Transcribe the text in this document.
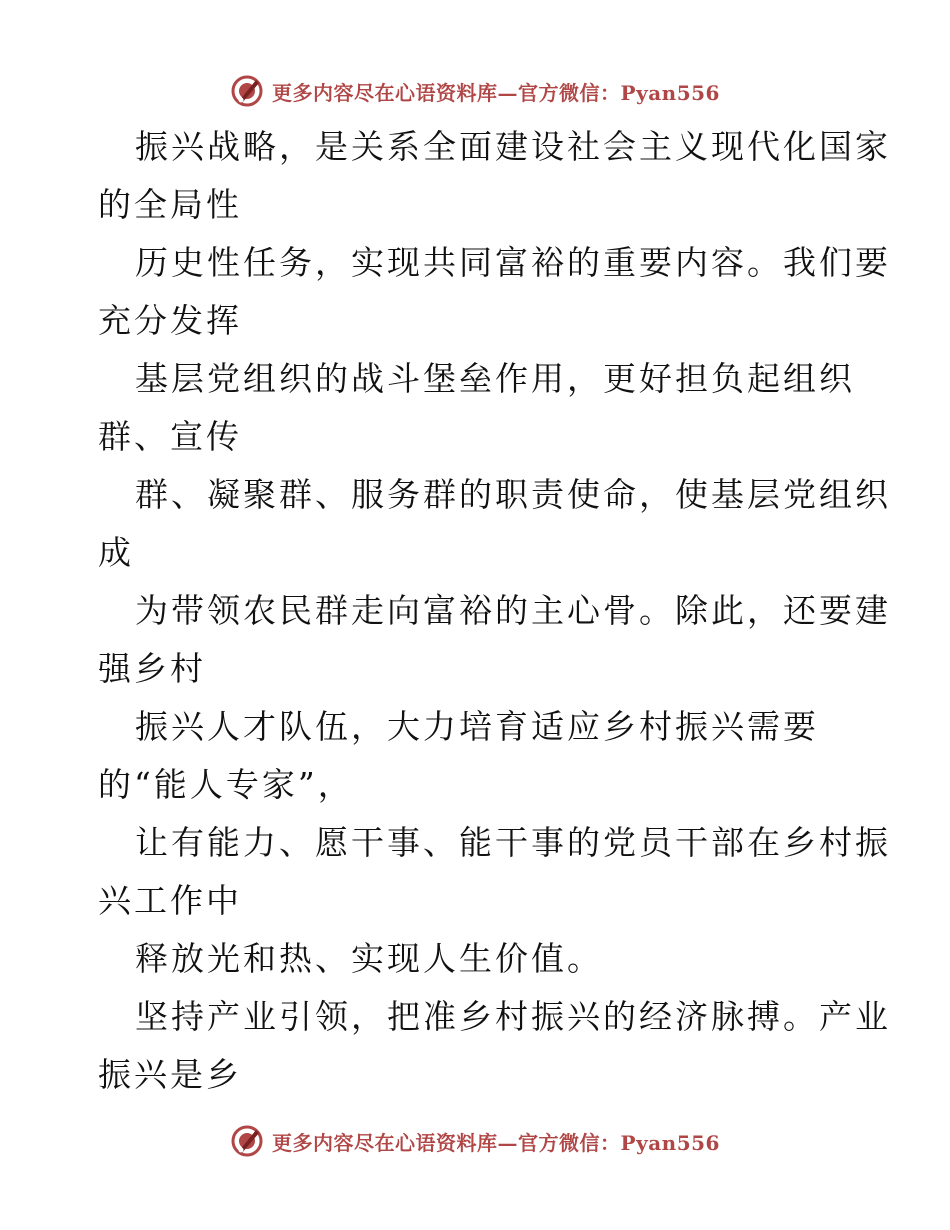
更多内容尽在心语资料库—官方微信：Pyan556
振兴战略，是关系全面建设社会主义现代化国家
的全局性
历史性任务，实现共同富裕的重要内容。我们要
充分发挥
基层党组织的战斗堡垒作用，更好担负起组织
群、宣传
群、凝聚群、服务群的职责使命，使基层党组织
成
为带领农民群走向富裕的主心骨。除此，还要建
强乡村
振兴人才队伍，大力培育适应乡村振兴需要
的“能人专家”，
让有能力、愿干事、能干事的党员干部在乡村振
兴工作中
释放光和热、实现人生价值。
坚持产业引领，把准乡村振兴的经济脉搏。产业
振兴是乡
更多内容尽在心语资料库—官方微信：Pyan556
